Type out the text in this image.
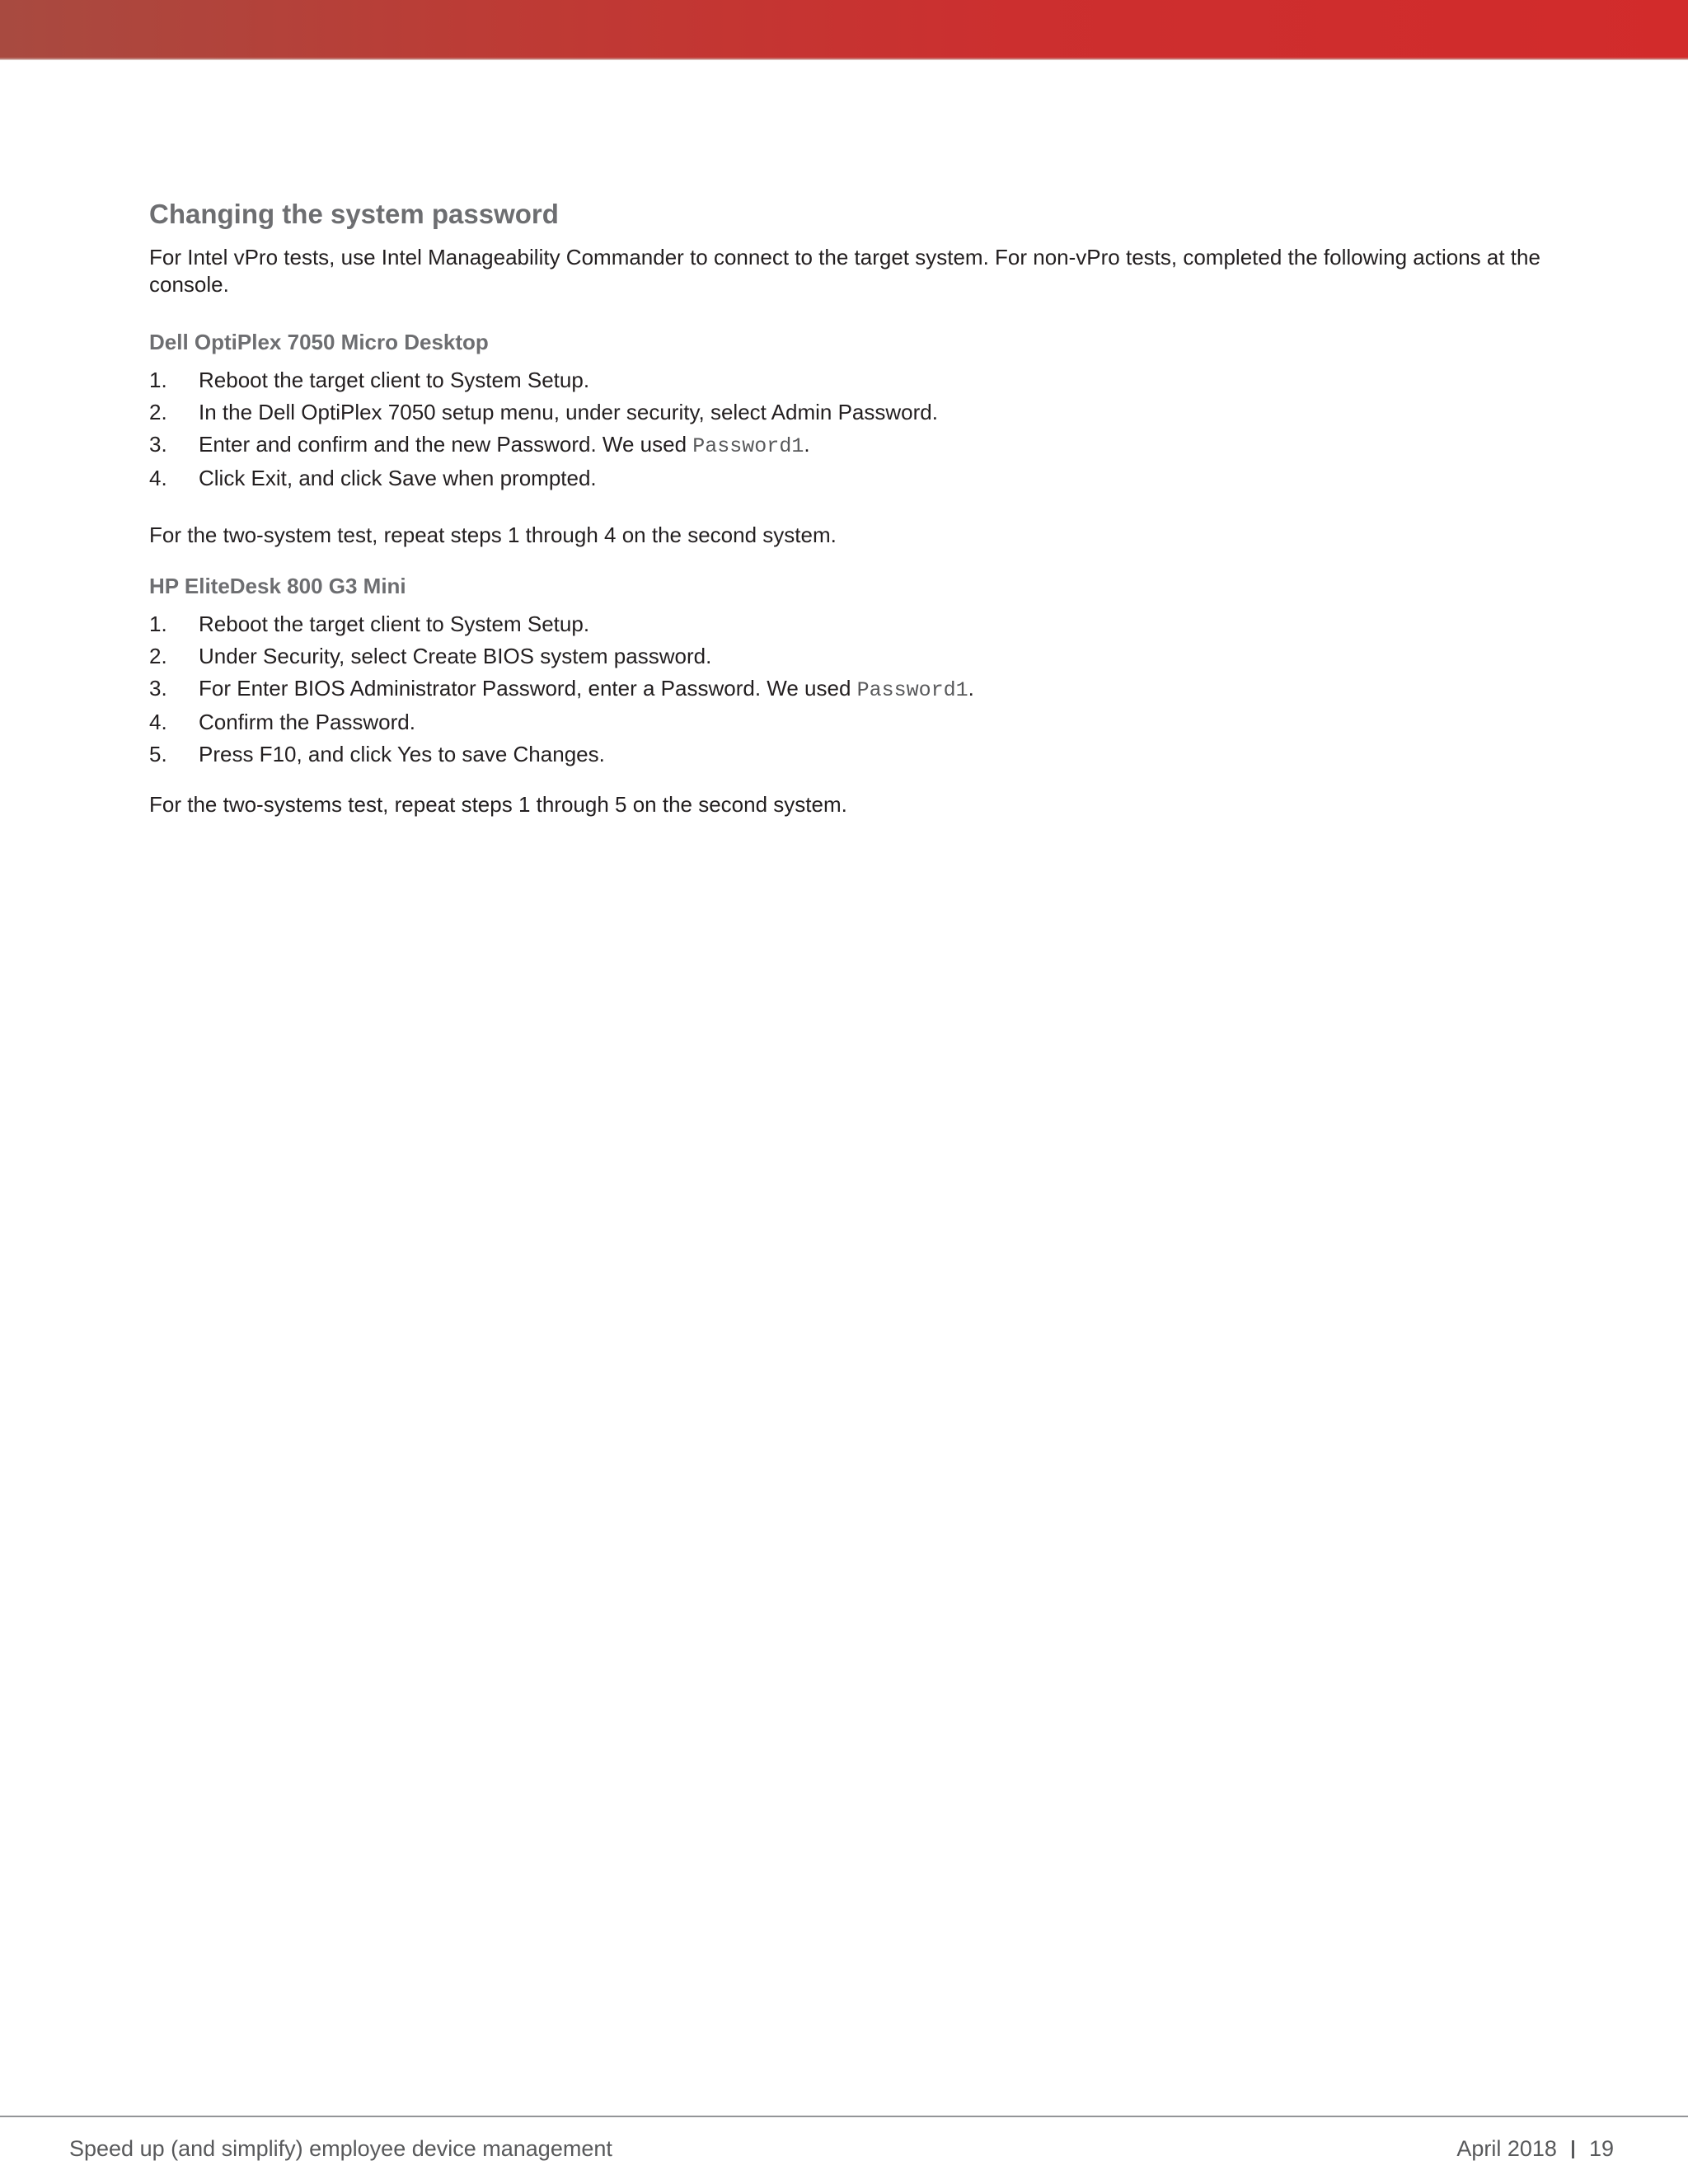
Changing the system password

For Intel vPro tests, use Intel Manageability Commander to connect to the target system. For non-vPro tests, completed the following actions at the console.

Dell OptiPlex 7050 Micro Desktop
1. Reboot the target client to System Setup.
2. In the Dell OptiPlex 7050 setup menu, under security, select Admin Password.
3. Enter and confirm and the new Password. We used Password1.
4. Click Exit, and click Save when prompted.

For the two-system test, repeat steps 1 through 4 on the second system.

HP EliteDesk 800 G3 Mini
1. Reboot the target client to System Setup.
2. Under Security, select Create BIOS system password.
3. For Enter BIOS Administrator Password, enter a Password. We used Password1.
4. Confirm the Password.
5. Press F10, and click Yes to save Changes.

For the two-systems test, repeat steps 1 through 5 on the second system.

Speed up (and simplify) employee device management	April 2018 19
